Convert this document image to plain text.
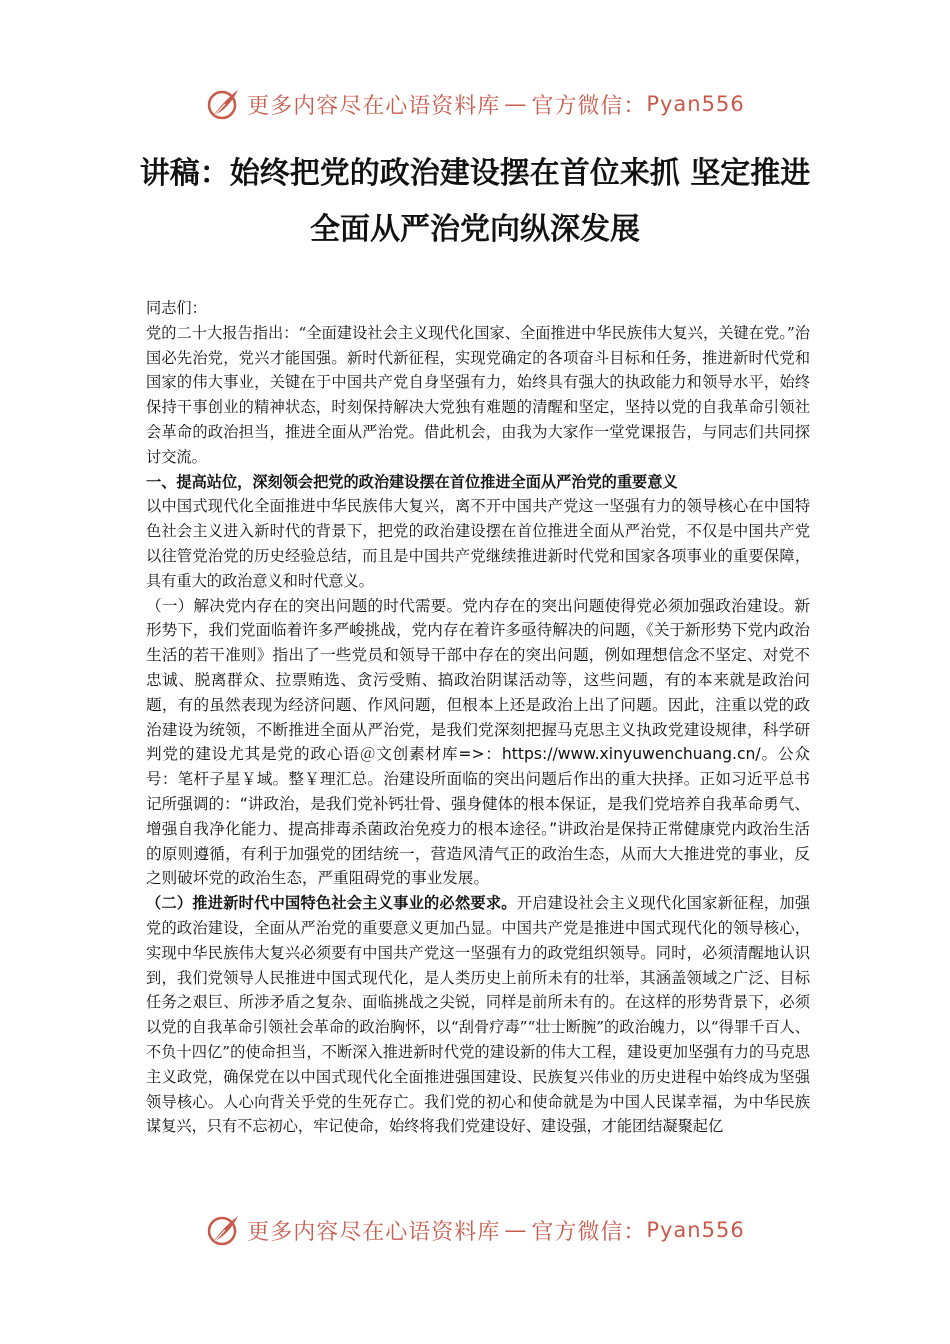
更多内容尽在心语资料库 — 官方微信： Pyan556
讲稿：始终把党的政治建设摆在首位来抓 坚定推进
全面从严治党向纵深发展

同志们：

党的二十大报告指出：“全面建设社会主义现代化国家、全面推进中华民族伟大复兴，关键在党。”治国必先治党，党兴才能国强。新时代新征程，实现党确定的各项奋斗目标和任务，推进新时代党和国家的伟大事业，关键在于中国共产党自身坚强有力，始终具有强大的执政能力和领导水平，始终保持干事创业的精神状态，时刻保持解决大党独有难题的清醒和坚定，坚持以党的自我革命引领社会革命的政治担当，推进全面从严治党。借此机会，由我为大家作一堂党课报告，与同志们共同探讨交流。

一、提高站位，深刻领会把党的政治建设摆在首位推进全面从严治党的重要意义

以中国式现代化全面推进中华民族伟大复兴，离不开中国共产党这一坚强有力的领导核心在中国特色社会主义进入新时代的背景下，把党的政治建设摆在首位推进全面从严治党，不仅是中国共产党以往管党治党的历史经验总结，而且是中国共产党继续推进新时代党和国家各项事业的重要保障，具有重大的政治意义和时代意义。

（一）解决党内存在的突出问题的时代需要。党内存在的突出问题使得党必须加强政治建设。新形势下，我们党面临着许多严峻挑战，党内存在着许多亟待解决的问题，《关于新形势下党内政治生活的若干准则》指出了一些党员和领导干部中存在的突出问题，例如理想信念不坚定、对党不忠诚、脱离群众、拉票贿选、贪污受贿、搞政治阴谋活动等，这些问题，有的本来就是政治问题，有的虽然表现为经济问题、作风问题，但根本上还是政治上出了问题。因此，注重以党的政治建设为统领，不断推进全面从严治党，是我们党深刻把握马克思主义执政党建设规律，科学研判党的建设尤其是党的政心语＠文创素材库=>：https://www.xinyuwenchuang.cn/。公众号：笔杆子星￥域。整￥理汇总。治建设所面临的突出问题后作出的重大抉择。正如习近平总书记所强调的：“讲政治，是我们党补钙壮骨、强身健体的根本保证，是我们党培养自我革命勇气、增强自我净化能力、提高排毒杀菌政治免疫力的根本途径。”讲政治是保持正常健康党内政治生活的原则遵循，有利于加强党的团结统一，营造风清气正的政治生态，从而大大推进党的事业，反之则破坏党的政治生态，严重阻碍党的事业发展。

（二）推进新时代中国特色社会主义事业的必然要求。开启建设社会主义现代化国家新征程，加强党的政治建设，全面从严治党的重要意义更加凸显。中国共产党是推进中国式现代化的领导核心，实现中华民族伟大复兴必须要有中国共产党这一坚强有力的政党组织领导。同时，必须清醒地认识到，我们党领导人民推进中国式现代化，是人类历史上前所未有的壮举，其涵盖领域之广泛、目标任务之艰巨、所涉矛盾之复杂、面临挑战之尖锐，同样是前所未有的。在这样的形势背景下，必须以党的自我革命引领社会革命的政治胸怀，以“刮骨疗毒”“壮士断腕”的政治魄力，以“得罪千百人、不负十四亿”的使命担当，不断深入推进新时代党的建设新的伟大工程，建设更加坚强有力的马克思主义政党，确保党在以中国式现代化全面推进强国建设、民族复兴伟业的历史进程中始终成为坚强领导核心。人心向背关乎党的生死存亡。我们党的初心和使命就是为中国人民谋幸福，为中华民族谋复兴，只有不忘初心，牢记使命，始终将我们党建设好、建设强，才能团结凝聚起亿

更多内容尽在心语资料库 — 官方微信： Pyan556
